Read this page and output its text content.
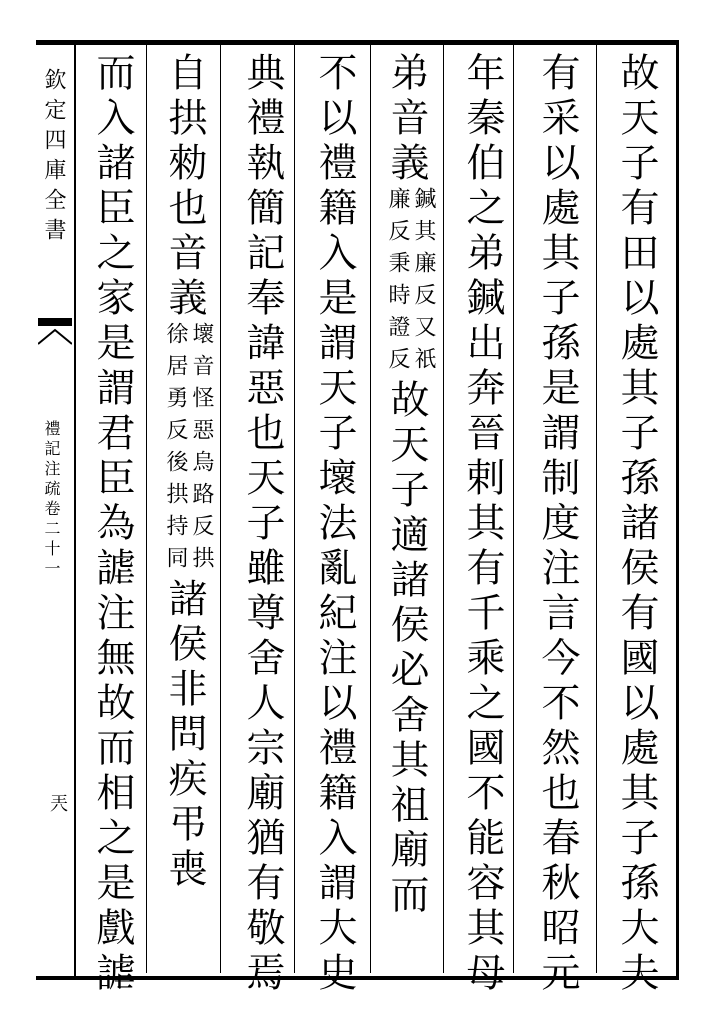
欽定四庫全書
禮記注疏卷二十一
兲	故天子有田以處其子孫諸侯有國以處其子孫大夫
有采以處其子孫是謂制度注言今不然也春秋昭元
年秦伯之弟鍼出奔晉剌其有千乘之國不能容其母
弟
音義
鍼其廉反又祇
廉反秉時證反
故天子適諸侯必舍其祖廟而
不以禮籍入是謂天子壞法亂紀注以禮籍入謂大史
典禮執簡記奉諱惡也天子雖尊舍人宗廟猶有敬焉
自拱勑也
音義
壞音怪惡烏路反拱
徐居勇反後拱持同
諸侯非問疾弔喪
而入諸臣之家是謂君臣為謔注無故而相之是戲謔
